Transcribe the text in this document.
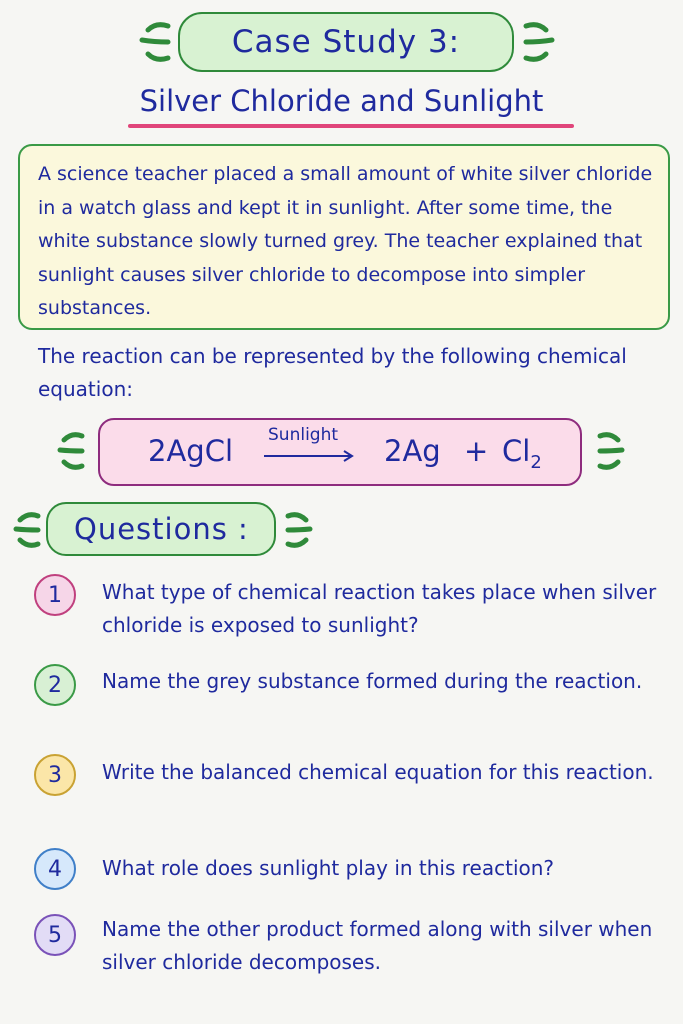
Case Study 3:
Silver Chloride and Sunlight
A science teacher placed a small amount of white silver chloride in a watch glass and kept it in sunlight. After some time, the white substance slowly turned grey. The teacher explained that sunlight causes silver chloride to decompose into simpler substances.
The reaction can be represented by the following chemical equation:
2AgCl Sunlight $2Ag + Cl_2$
Questions :
1	What type of chemical reaction takes place when silver chloride is exposed to sunlight?
2	Name the grey substance formed during the reaction.
3	Write the balanced chemical equation for this reaction.
4	What role does sunlight play in this reaction?
5	Name the other product formed along with silver when silver chloride decomposes.
